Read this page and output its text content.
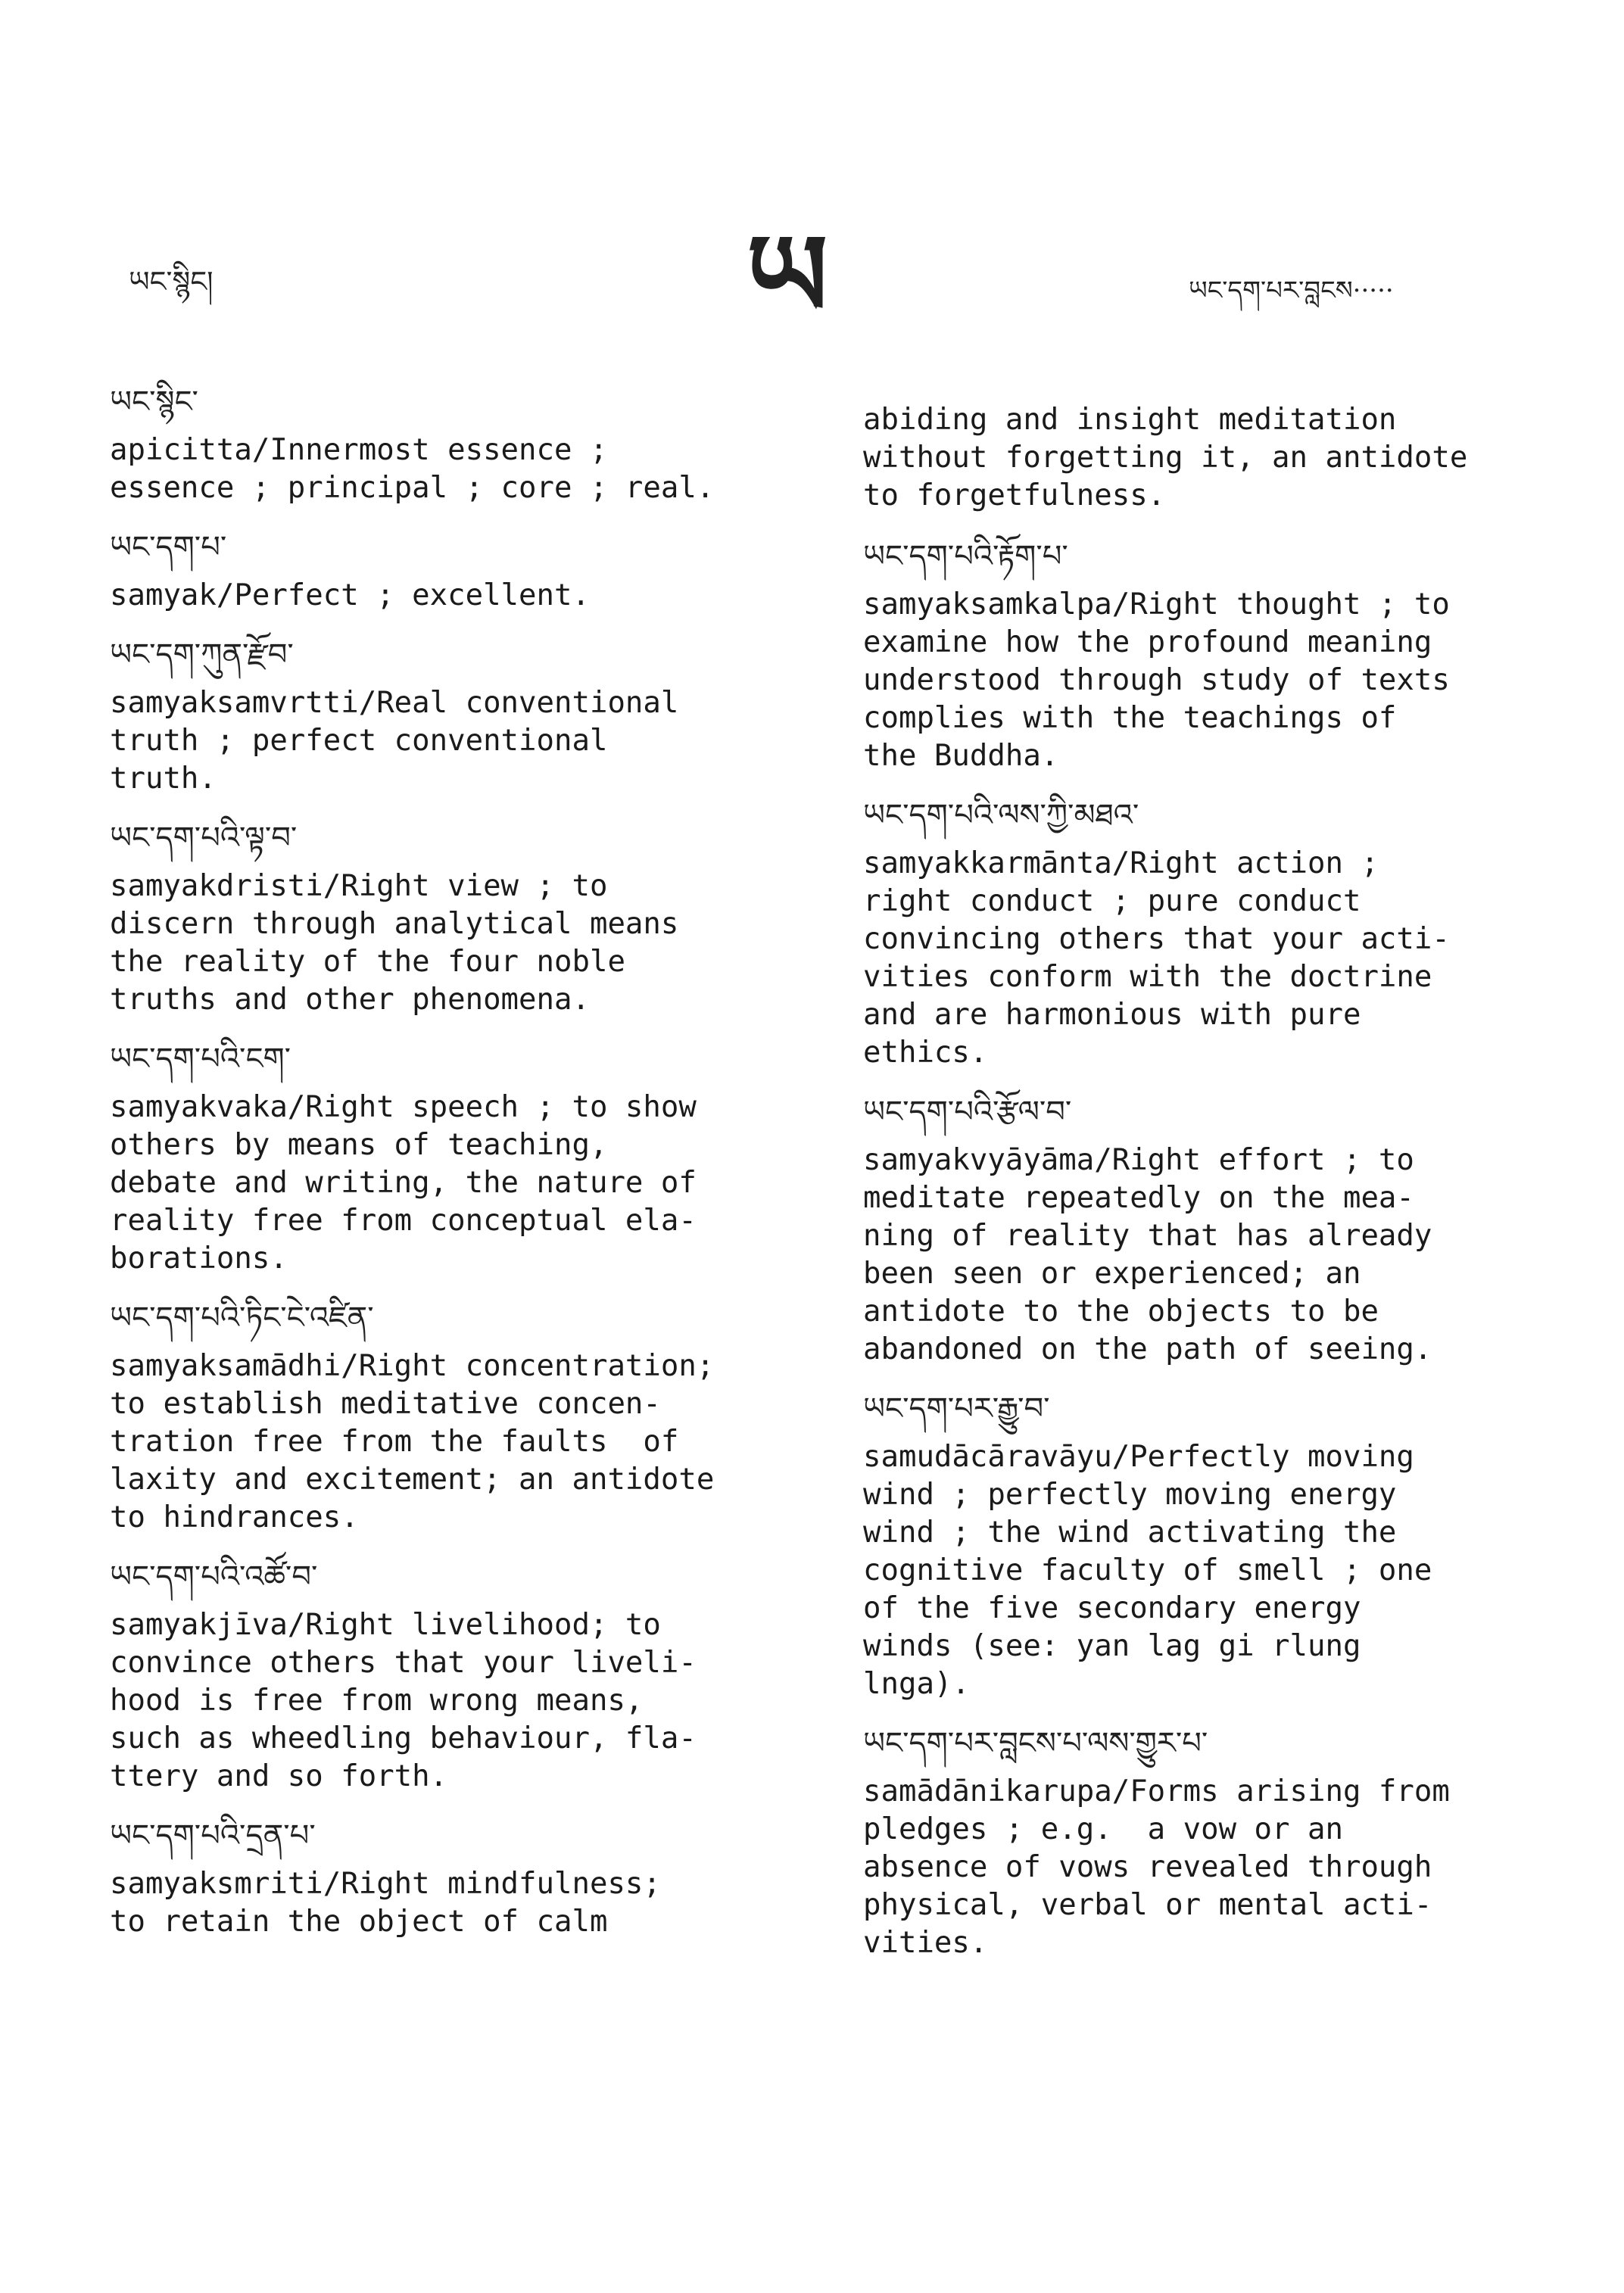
ཡང་སྙིང།	ཡ	ཡང་དག་པར་བླངས·····
ཡང་སྙིང་

apicitta/Innermost essence ;
essence ; principal ; core ; real.

ཡང་དག་པ་

samyak/Perfect ; excellent.

ཡང་དག་ཀུན་རྫོབ་

samyaksamvrtti/Real conventional
truth ; perfect conventional
truth.

ཡང་དག་པའི་ལྟ་བ་

samyakdristi/Right view ; to
discern through analytical means
the reality of the four noble
truths and other phenomena.

ཡང་དག་པའི་ངག་

samyakvaka/Right speech ; to show
others by means of teaching,
debate and writing, the nature of
reality free from conceptual ela-
borations.

ཡང་དག་པའི་ཏིང་ངེ་འཛིན་

samyaksamādhi/Right concentration;
to establish meditative concen-
tration free from the faults  of
laxity and excitement; an antidote
to hindrances.

ཡང་དག་པའི་འཚོ་བ་

samyakjīva/Right livelihood; to
convince others that your liveli-
hood is free from wrong means,
such as wheedling behaviour, fla-
ttery and so forth.

ཡང་དག་པའི་དྲན་པ་

samyaksmriti/Right mindfulness;
to retain the object of calm

abiding and insight meditation
without forgetting it, an antidote
to forgetfulness.

ཡང་དག་པའི་རྟོག་པ་

samyaksamkalpa/Right thought ; to
examine how the profound meaning
understood through study of texts
complies with the teachings of
the Buddha.

ཡང་དག་པའི་ལས་ཀྱི་མཐའ་

samyakkarmānta/Right action ;
right conduct ; pure conduct
convincing others that your acti-
vities conform with the doctrine
and are harmonious with pure
ethics.

ཡང་དག་པའི་རྩོལ་བ་

samyakvyāyāma/Right effort ; to
meditate repeatedly on the mea-
ning of reality that has already
been seen or experienced; an
antidote to the objects to be
abandoned on the path of seeing.

ཡང་དག་པར་རྒྱུ་བ་

samudācāravāyu/Perfectly moving
wind ; perfectly moving energy
wind ; the wind activating the
cognitive faculty of smell ; one
of the five secondary energy
winds (see: yan lag gi rlung
lnga).

ཡང་དག་པར་བླངས་པ་ལས་གྱུར་པ་

samādānikarupa/Forms arising from
pledges ; e.g.  a vow or an
absence of vows revealed through
physical, verbal or mental acti-
vities.
